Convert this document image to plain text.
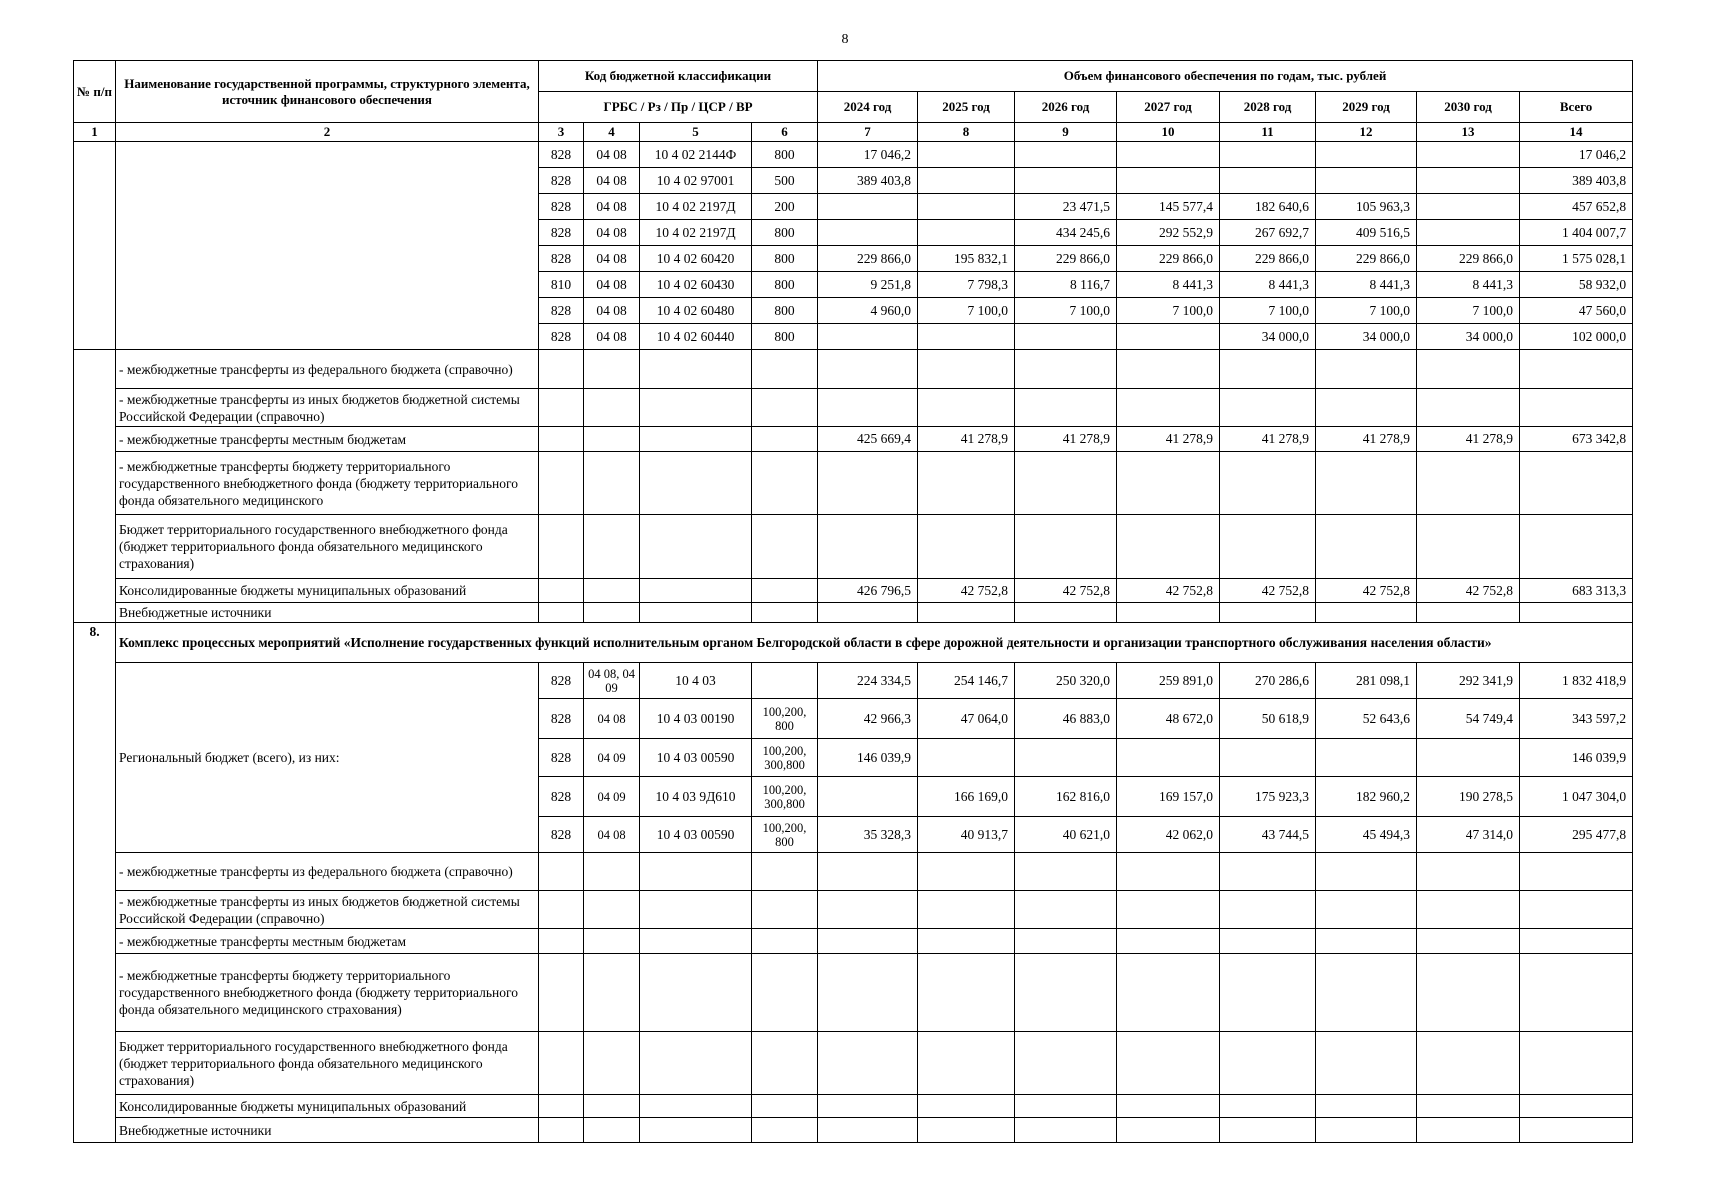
8
№ п/п	Наименование государственной программы, структурного элемента, источник финансового обеспечения	Код бюджетной классификации				Объем финансового обеспечения по годам, тыс. рублей							
		ГРБС / Рз / Пр / ЦСР / ВР				2024 год	2025 год	2026 год	2027 год	2028 год	2029 год	2030 год	Всего
1	2	3	4	5	6	7	8	9	10	11	12	13	14
		828	04 08	10 4 02 2144Ф	800	17 046,2							17 046,2
		828	04 08	10 4 02 97001	500	389 403,8							389 403,8
		828	04 08	10 4 02 2197Д	200			23 471,5	145 577,4	182 640,6	105 963,3		457 652,8
		828	04 08	10 4 02 2197Д	800			434 245,6	292 552,9	267 692,7	409 516,5		1 404 007,7
		828	04 08	10 4 02 60420	800	229 866,0	195 832,1	229 866,0	229 866,0	229 866,0	229 866,0	229 866,0	1 575 028,1
		810	04 08	10 4 02 60430	800	9 251,8	7 798,3	8 116,7	8 441,3	8 441,3	8 441,3	8 441,3	58 932,0
		828	04 08	10 4 02 60480	800	4 960,0	7 100,0	7 100,0	7 100,0	7 100,0	7 100,0	7 100,0	47 560,0
		828	04 08	10 4 02 60440	800					34 000,0	34 000,0	34 000,0	102 000,0
	- межбюджетные трансферты из федерального бюджета (справочно)												
	- межбюджетные трансферты из иных бюджетов бюджетной системы Российской Федерации (справочно)												
	- межбюджетные трансферты местным бюджетам					425 669,4	41 278,9	41 278,9	41 278,9	41 278,9	41 278,9	41 278,9	673 342,8
	- межбюджетные трансферты бюджету территориального государственного внебюджетного фонда (бюджету территориального фонда обязательного медицинского												
	Бюджет территориального государственного внебюджетного фонда (бюджет территориального фонда обязательного медицинского страхования)												
	Консолидированные бюджеты муниципальных образований					426 796,5	42 752,8	42 752,8	42 752,8	42 752,8	42 752,8	42 752,8	683 313,3
	Внебюджетные источники												
8.	Комплекс процессных мероприятий «Исполнение государственных функций исполнительным органом Белгородской области в сфере дорожной деятельности и организации транспортного обслуживания населения области»												
	Региональный бюджет (всего), из них:	828	04 08, 04 09	10 4 03		224 334,5	254 146,7	250 320,0	259 891,0	270 286,6	281 098,1	292 341,9	1 832 418,9
		828	04 08	10 4 03 00190	100,200, 800	42 966,3	47 064,0	46 883,0	48 672,0	50 618,9	52 643,6	54 749,4	343 597,2
		828	04 09	10 4 03 00590	100,200, 300,800	146 039,9							146 039,9
		828	04 09	10 4 03 9Д610	100,200, 300,800		166 169,0	162 816,0	169 157,0	175 923,3	182 960,2	190 278,5	1 047 304,0
		828	04 08	10 4 03 00590	100,200, 800	35 328,3	40 913,7	40 621,0	42 062,0	43 744,5	45 494,3	47 314,0	295 477,8
	- межбюджетные трансферты из федерального бюджета (справочно)												
	- межбюджетные трансферты из иных бюджетов бюджетной системы Российской Федерации (справочно)												
	- межбюджетные трансферты местным бюджетам												
	- межбюджетные трансферты бюджету территориального государственного внебюджетного фонда (бюджету территориального фонда обязательного медицинского страхования)												
	Бюджет территориального государственного внебюджетного фонда (бюджет территориального фонда обязательного медицинского страхования)												
	Консолидированные бюджеты муниципальных образований												
	Внебюджетные источники												
